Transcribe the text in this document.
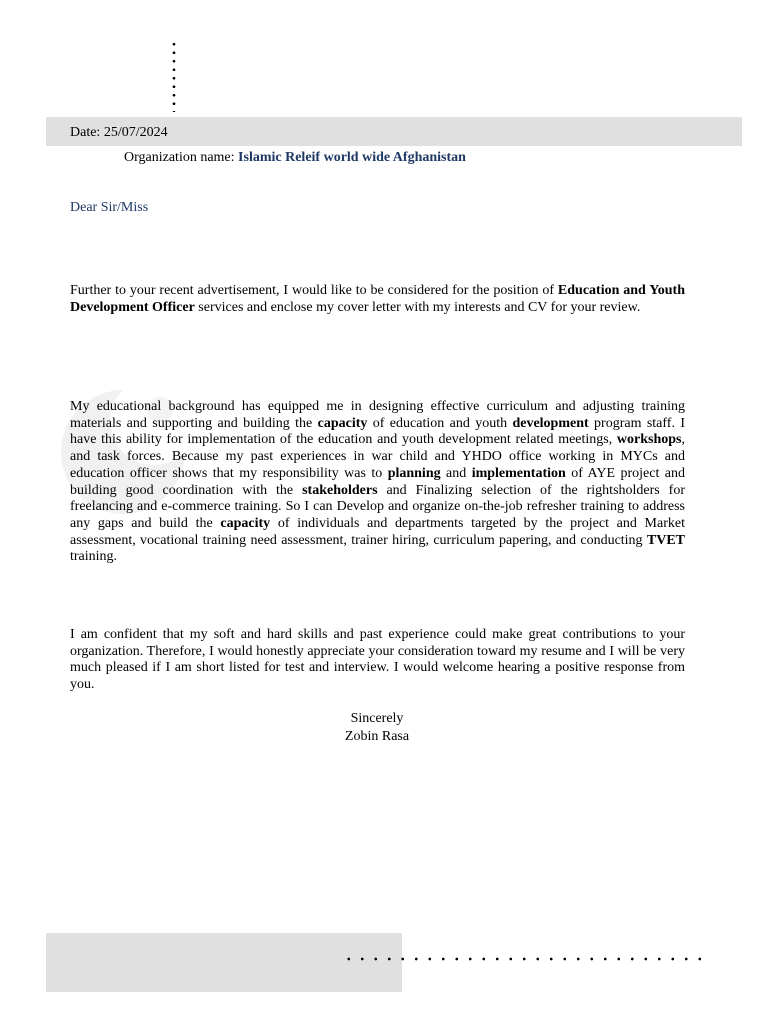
Date: 25/07/2024
Organization name: Islamic Releif world wide Afghanistan
Dear Sir/Miss

Further to your recent advertisement, I would like to be considered for the position of Education and Youth Development Officer services and enclose my cover letter with my interests and CV for your review.

My educational background has equipped me in designing effective curriculum and adjusting training materials and supporting and building the capacity of education and youth development program staff. I have this ability for implementation of the education and youth development related meetings, workshops, and task forces. Because my past experiences in war child and YHDO office working in MYCs and education officer shows that my responsibility was to planning and implementation of AYE project and building good coordination with the stakeholders and Finalizing selection of the rightsholders for freelancing and e-commerce training. So I can Develop and organize on-the-job refresher training to address any gaps and build the capacity of individuals and departments targeted by the project and Market assessment, vocational training need assessment, trainer hiring, curriculum papering, and conducting TVET training.

I am confident that my soft and hard skills and past experience could make great contributions to your organization. Therefore, I would honestly appreciate your consideration toward my resume and I will be very much pleased if I am short listed for test and interview. I would welcome hearing a positive response from you.

Sincerely
Zobin Rasa
